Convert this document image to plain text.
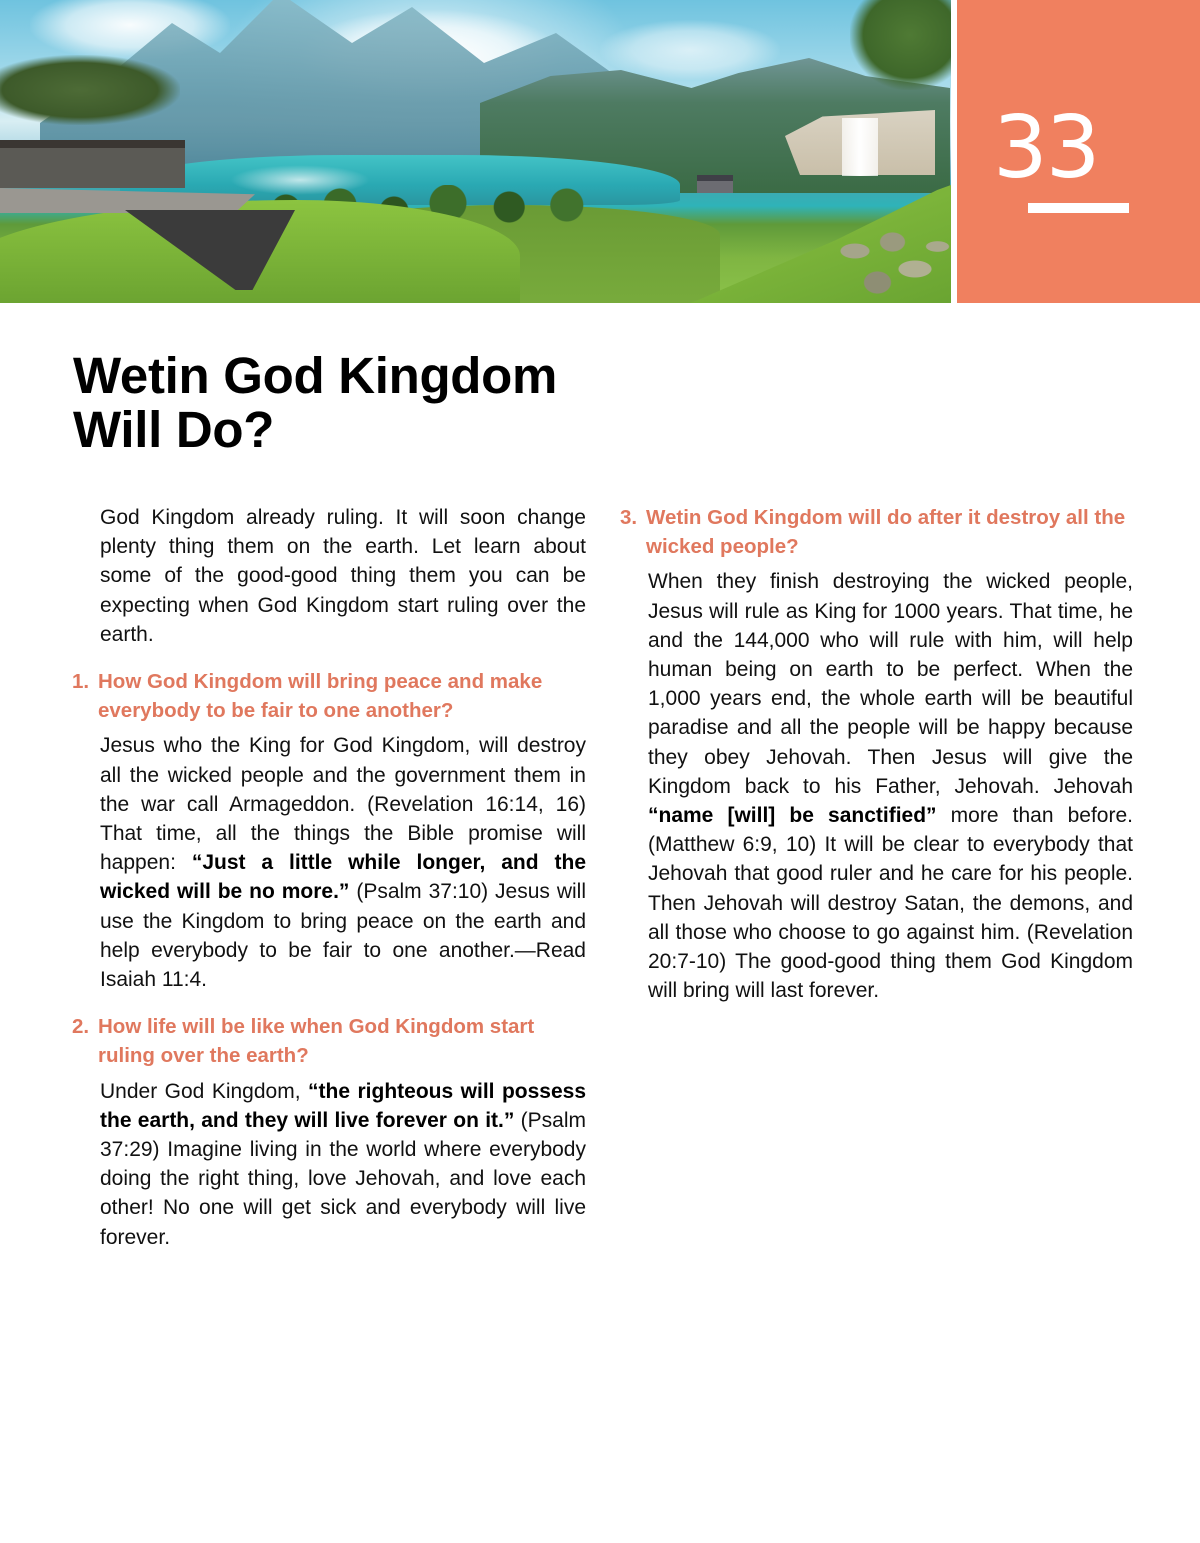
33
Wetin God Kingdom
Will Do?

God Kingdom already ruling. It will soon change plenty thing them on the earth. Let learn about some of the good-good thing them you can be expecting when God Kingdom start ruling over the earth.

1. How God Kingdom will bring peace and make everybody to be fair to one another?

Jesus who the King for God Kingdom, will destroy all the wicked people and the government them in the war call Armageddon. (Revelation 16:14, 16) That time, all the things the Bible promise will happen: “Just a little while longer, and the wicked will be no more.” (Psalm 37:10) Jesus will use the Kingdom to bring peace on the earth and help everybody to be fair to one another.—Read Isaiah 11:4.

2. How life will be like when God Kingdom start ruling over the earth?

Under God Kingdom, “the righteous will possess the earth, and they will live forever on it.” (Psalm 37:29) Imagine living in the world where everybody doing the right thing, love Jehovah, and love each other! No one will get sick and everybody will live forever.

3. Wetin God Kingdom will do after it destroy all the wicked people?

When they finish destroying the wicked people, Jesus will rule as King for 1000 years. That time, he and the 144,000 who will rule with him, will help human being on earth to be perfect. When the 1,000 years end, the whole earth will be beautiful paradise and all the people will be happy because they obey Jehovah. Then Jesus will give the Kingdom back to his Father, Jehovah. Jehovah “name [will] be sanctified” more than before. (Matthew 6:9, 10) It will be clear to everybody that Jehovah that good ruler and he care for his people. Then Jehovah will destroy Satan, the demons, and all those who choose to go against him. (Revelation 20:7-10) The good-good thing them God Kingdom will bring will last forever.
